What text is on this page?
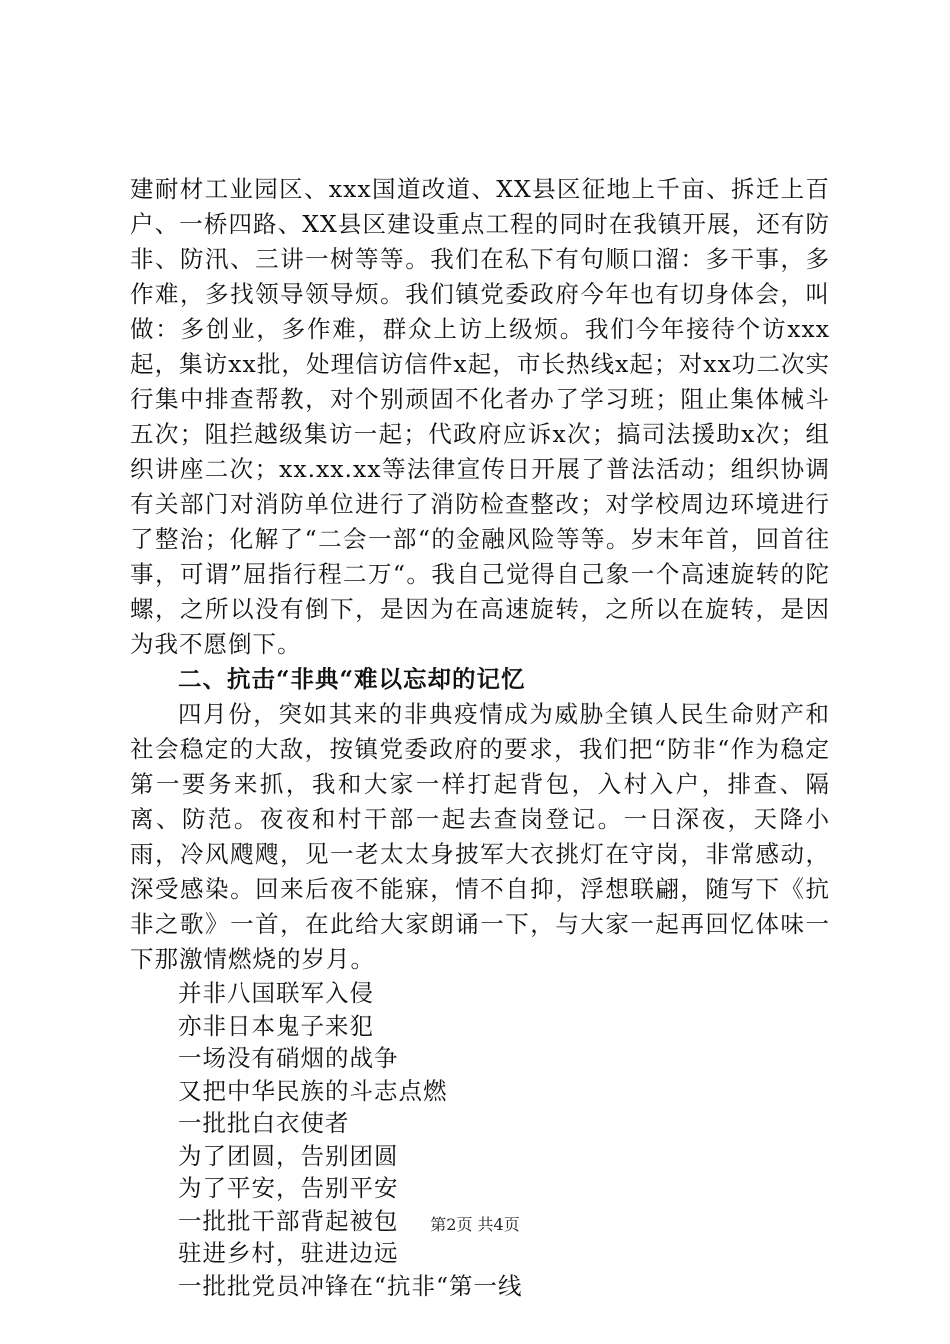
建耐材工业园区、xxx国道改道、XX县区征地上千亩、拆迁上百户、一桥四路、XX县区建设重点工程的同时在我镇开展，还有防非、防汛、三讲一树等等。我们在私下有句顺口溜：多干事，多作难，多找领导领导烦。我们镇党委政府今年也有切身体会，叫做：多创业，多作难，群众上访上级烦。我们今年接待个访xxx起，集访xx批，处理信访信件x起，市长热线x起；对xx功二次实行集中排查帮教，对个别顽固不化者办了学习班；阻止集体械斗五次；阻拦越级集访一起；代政府应诉x次；搞司法援助x次；组织讲座二次；xx.xx.xx等法律宣传日开展了普法活动；组织协调有关部门对消防单位进行了消防检查整改；对学校周边环境进行了整治；化解了“二会一部“的金融风险等等。岁末年首，回首往事，可谓”屈指行程二万“。我自己觉得自己象一个高速旋转的陀螺，之所以没有倒下，是因为在高速旋转，之所以在旋转，是因为我不愿倒下。

二、抗击“非典“难以忘却的记忆

四月份，突如其来的非典疫情成为威胁全镇人民生命财产和社会稳定的大敌，按镇党委政府的要求，我们把“防非“作为稳定第一要务来抓，我和大家一样打起背包，入村入户，排查、隔离、防范。夜夜和村干部一起去查岗登记。一日深夜，天降小雨，冷风飕飕，见一老太太身披军大衣挑灯在守岗，非常感动，深受感染。回来后夜不能寐，情不自抑，浮想联翩，随写下《抗非之歌》一首，在此给大家朗诵一下，与大家一起再回忆体味一下那激情燃烧的岁月。

并非八国联军入侵
亦非日本鬼子来犯
一场没有硝烟的战争
又把中华民族的斗志点燃
一批批白衣使者
为了团圆，告别团圆
为了平安，告别平安
一批批干部背起被包
驻进乡村，驻进边远
一批批党员冲锋在“抗非“第一线
第2页 共4页
